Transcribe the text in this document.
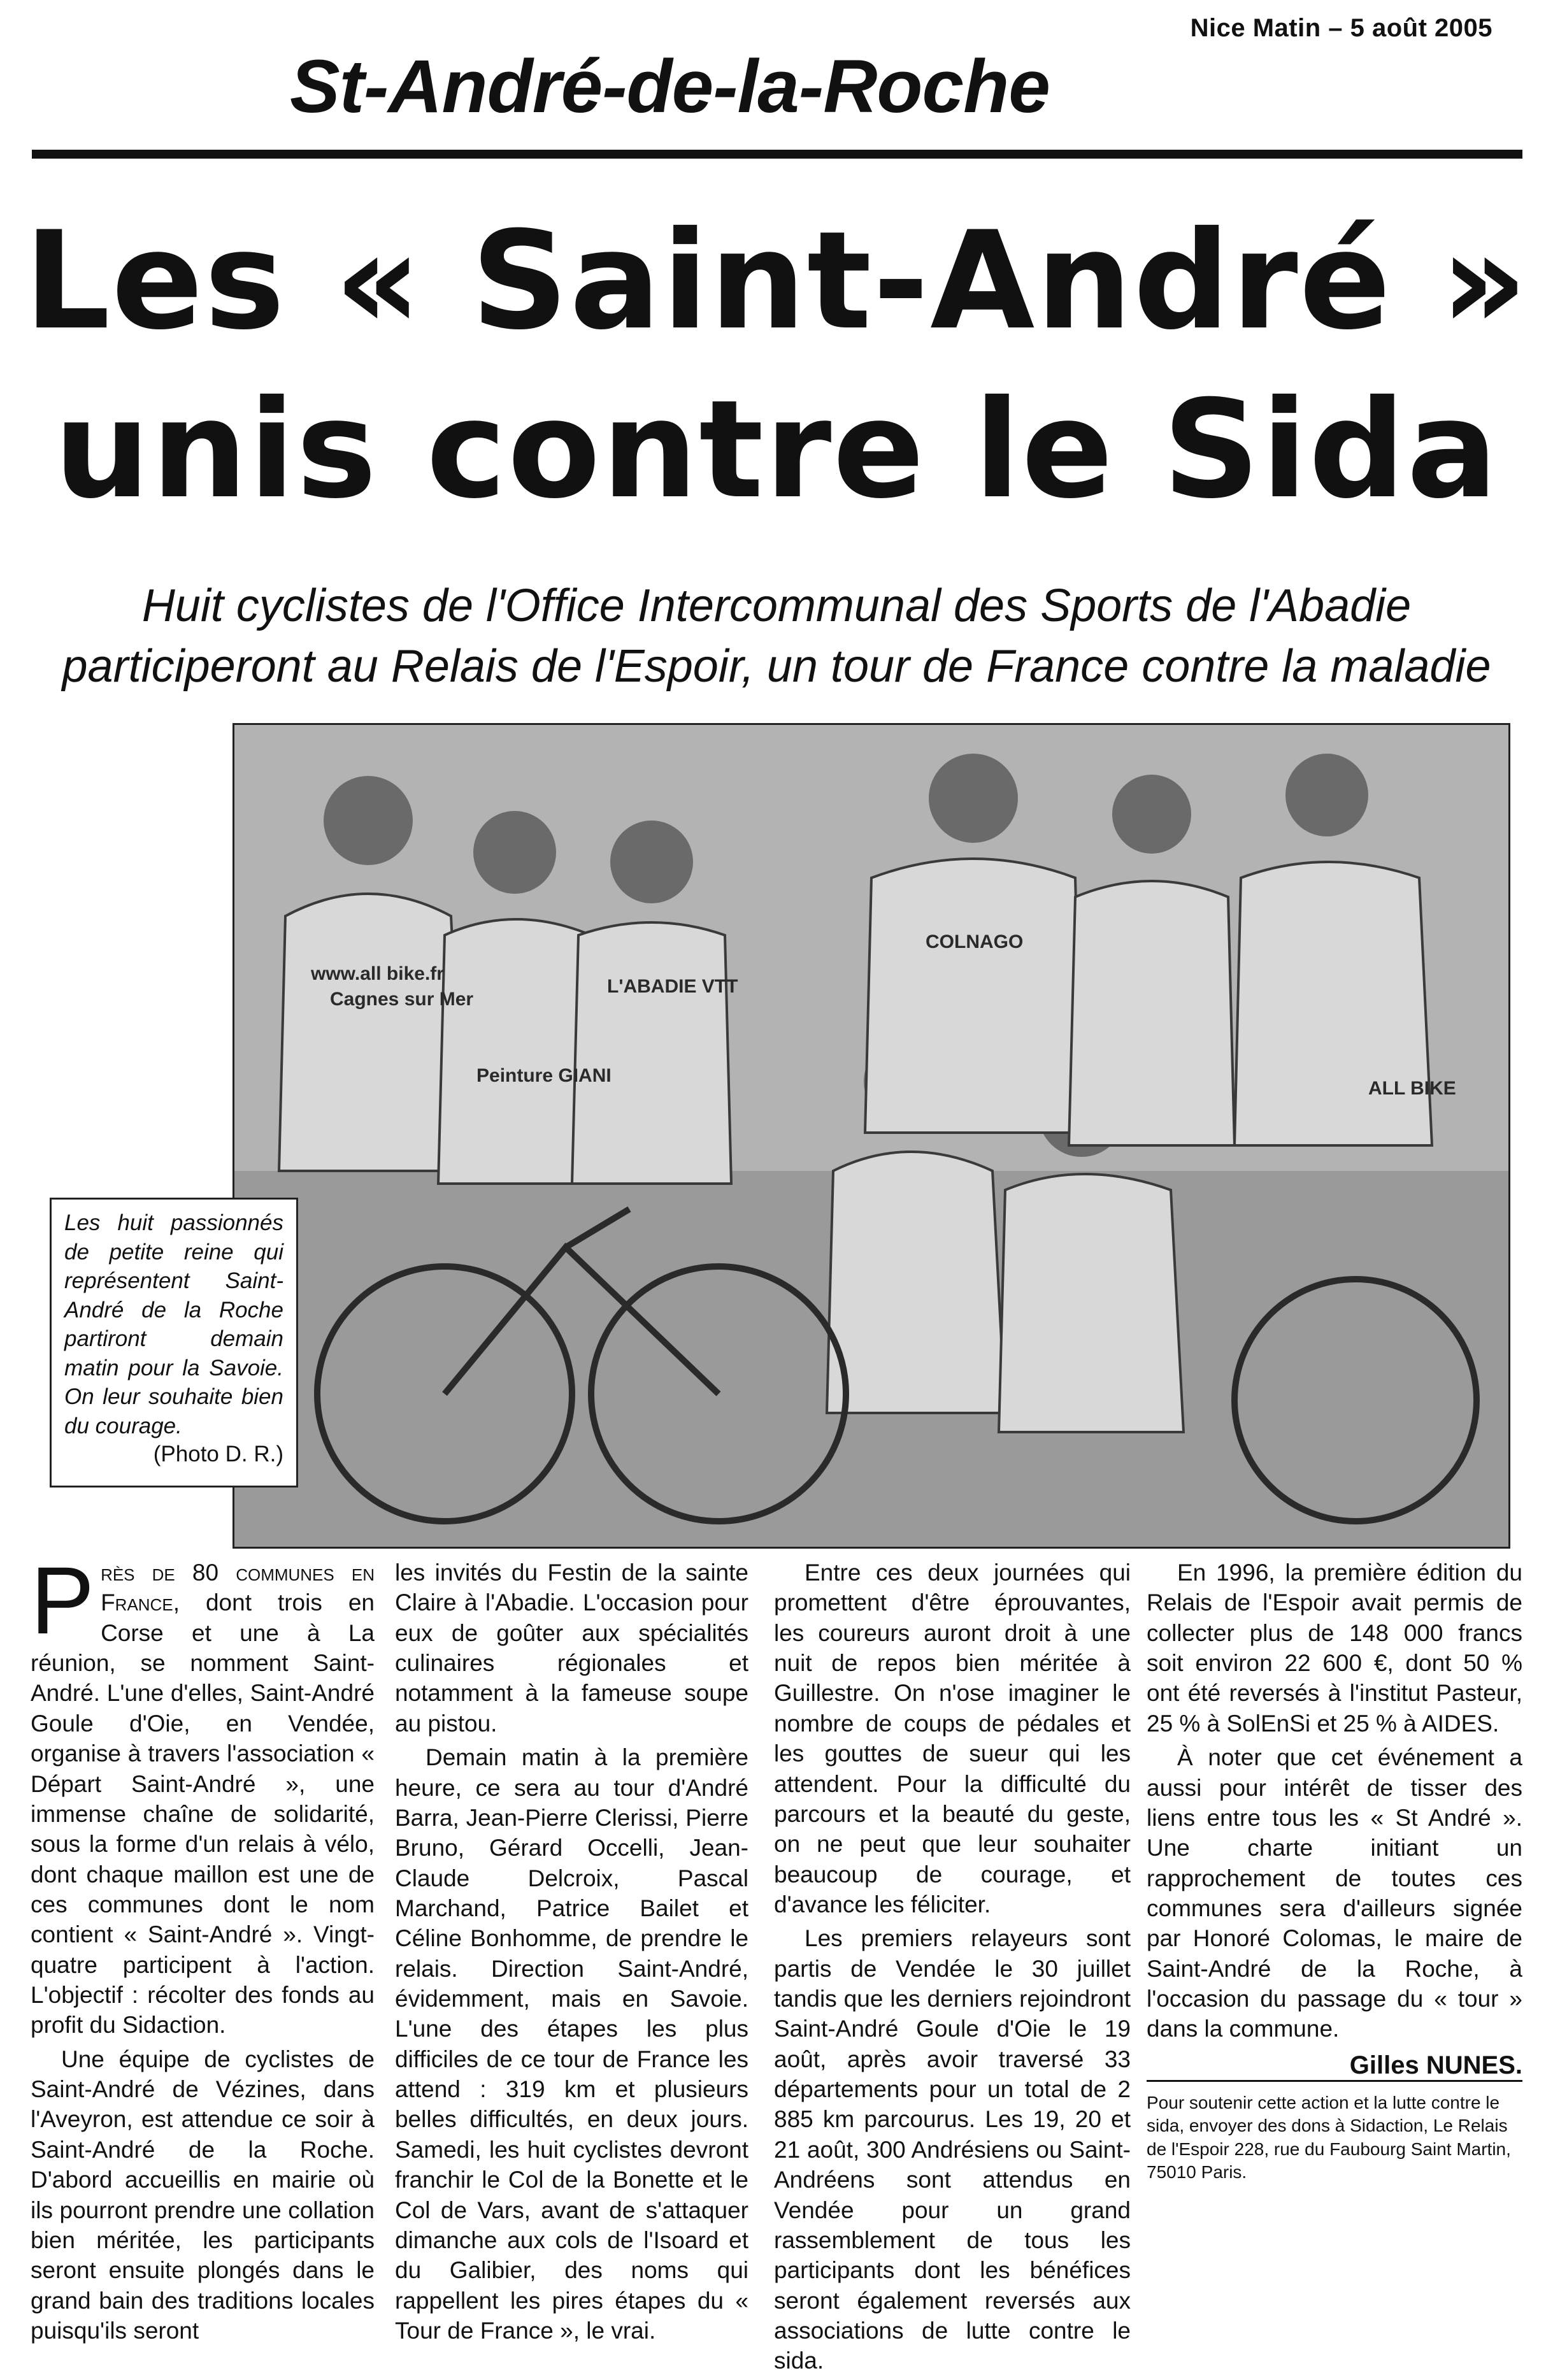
Nice Matin – 5 août 2005
St-André-de-la-Roche
Les « Saint-André »
unis contre le Sida
Huit cyclistes de l'Office Intercommunal des Sports de l'Abadie
participeront au Relais de l'Espoir, un tour de France contre la maladie
www.all bike.fr
Cagnes sur Mer
Peinture GIANI
L'ABADIE VTT
COLNAGO
ALL BIKE
Les huit passionnés de petite reine qui représentent Saint-André de la Roche partiront demain matin pour la Savoie. On leur souhaite bien du courage.
(Photo D. R.)

Près de 80 communes en France, dont trois en Corse et une à La réunion, se nomment Saint-André. L'une d'elles, Saint-André Goule d'Oie, en Vendée, organise à travers l'association « Départ Saint-André », une immense chaîne de solidarité, sous la forme d'un relais à vélo, dont chaque maillon est une de ces communes dont le nom contient « Saint-André ». Vingt-quatre participent à l'action. L'objectif : récolter des fonds au profit du Sidaction.

Une équipe de cyclistes de Saint-André de Vézines, dans l'Aveyron, est attendue ce soir à Saint-André de la Roche. D'abord accueillis en mairie où ils pourront prendre une collation bien méritée, les participants seront ensuite plongés dans le grand bain des traditions locales puisqu'ils seront

les invités du Festin de la sainte Claire à l'Abadie. L'occasion pour eux de goûter aux spécialités culinaires régionales et notamment à la fameuse soupe au pistou.

Demain matin à la première heure, ce sera au tour d'André Barra, Jean-Pierre Clerissi, Pierre Bruno, Gérard Occelli, Jean-Claude Delcroix, Pascal Marchand, Patrice Bailet et Céline Bonhomme, de prendre le relais. Direction Saint-André, évidemment, mais en Savoie. L'une des étapes les plus difficiles de ce tour de France les attend : 319 km et plusieurs belles difficultés, en deux jours. Samedi, les huit cyclistes devront franchir le Col de la Bonette et le Col de Vars, avant de s'attaquer dimanche aux cols de l'Isoard et du Galibier, des noms qui rappellent les pires étapes du « Tour de France », le vrai.

Entre ces deux journées qui promettent d'être éprouvantes, les coureurs auront droit à une nuit de repos bien méritée à Guillestre. On n'ose imaginer le nombre de coups de pédales et les gouttes de sueur qui les attendent. Pour la difficulté du parcours et la beauté du geste, on ne peut que leur souhaiter beaucoup de courage, et d'avance les féliciter.

Les premiers relayeurs sont partis de Vendée le 30 juillet tandis que les derniers rejoindront Saint-André Goule d'Oie le 19 août, après avoir traversé 33 départements pour un total de 2 885 km parcourus. Les 19, 20 et 21 août, 300 Andrésiens ou Saint-Andréens sont attendus en Vendée pour un grand rassemblement de tous les participants dont les bénéfices seront également reversés aux associations de lutte contre le sida.

En 1996, la première édition du Relais de l'Espoir avait permis de collecter plus de 148 000 francs soit environ 22 600 €, dont 50 % ont été reversés à l'institut Pasteur, 25 % à SolEnSi et 25 % à AIDES.

À noter que cet événement a aussi pour intérêt de tisser des liens entre tous les « St André ». Une charte initiant un rapprochement de toutes ces communes sera d'ailleurs signée par Honoré Colomas, le maire de Saint-André de la Roche, à l'occasion du passage du « tour » dans la commune.

Gilles NUNES.
Pour soutenir cette action et la lutte contre le sida, envoyer des dons à Sidaction, Le Relais de l'Espoir 228, rue du Faubourg Saint Martin, 75010 Paris.
